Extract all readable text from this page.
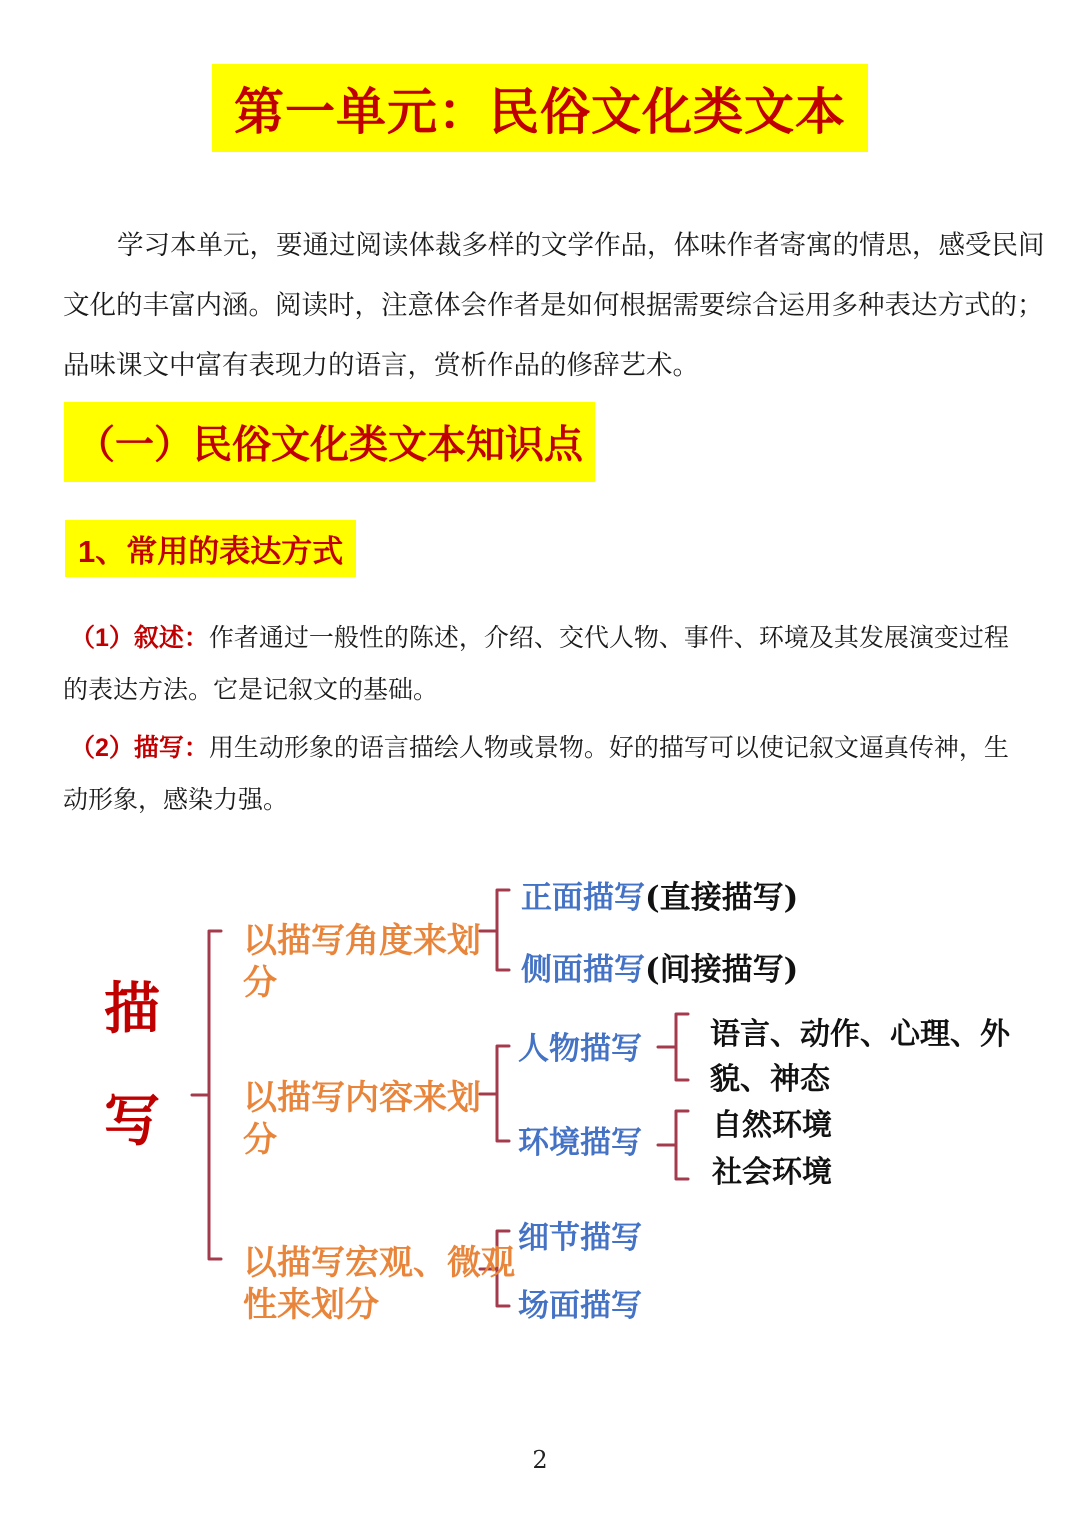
第一单元：民俗文化类文本
学习本单元，要通过阅读体裁多样的文学作品，体味作者寄寓的情思，感受民间
文化的丰富内涵。阅读时，注意体会作者是如何根据需要综合运用多种表达方式的；
品味课文中富有表现力的语言，赏析作品的修辞艺术。
（一）民俗文化类文本知识点
1、常用的表达方式
（1）叙述：作者通过一般性的陈述，介绍、交代人物、事件、环境及其发展演变过程
的表达方法。它是记叙文的基础。
（2）描写：用生动形象的语言描绘人物或景物。好的描写可以使记叙文逼真传神，生
动形象，感染力强。
描
写
以描写角度来划
分
正面描写(直接描写)
侧面描写(间接描写)
以描写内容来划
分
人物描写 语言、动作、心理、外
貌、神态
环境描写 自然环境
社会环境
以描写宏观、微观
性来划分
细节描写
场面描写
2
